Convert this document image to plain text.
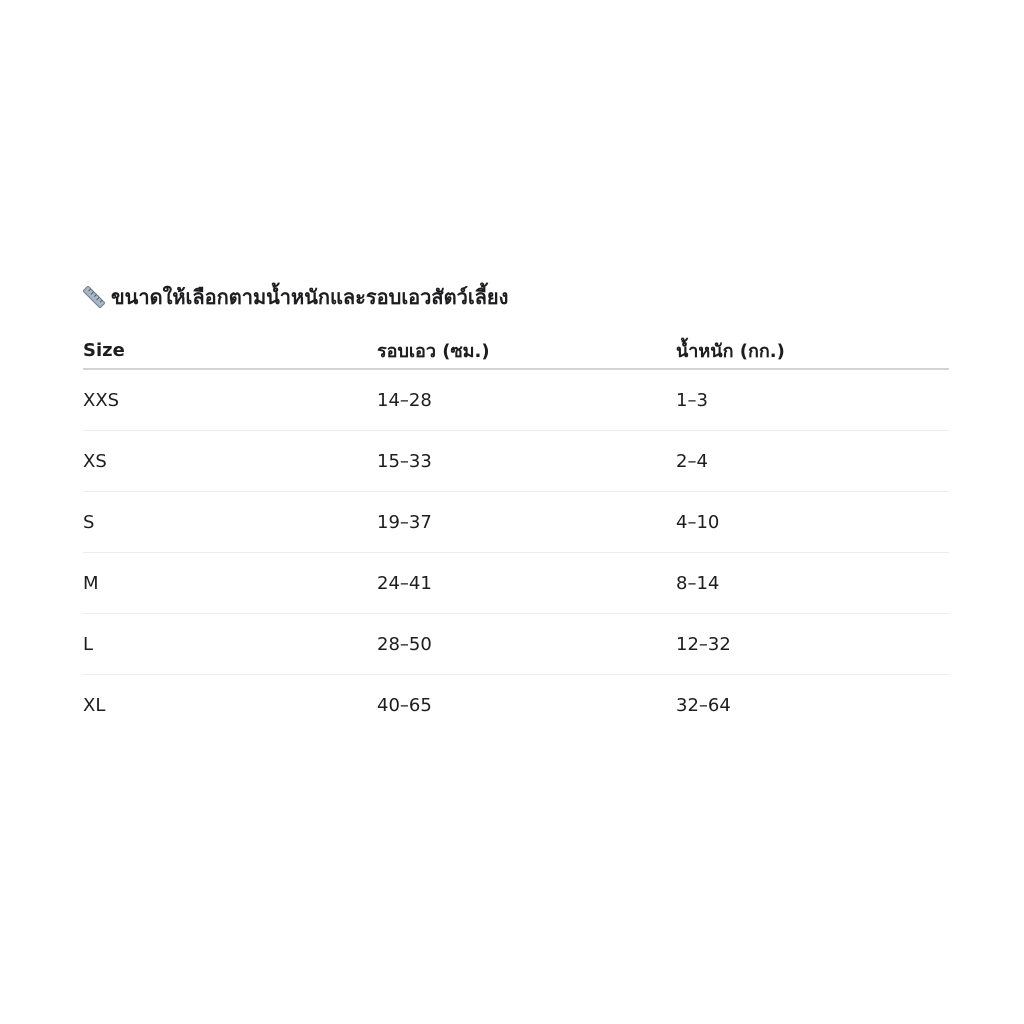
ขนาดให้เลือกตามน้ำหนักและรอบเอวสัตว์เลี้ยง
Size	รอบเอว (ซม.)	น้ำหนัก (กก.)
XXS	14–28	1–3
XS	15–33	2–4
S	19–37	4–10
M	24–41	8–14
L	28–50	12–32
XL	40–65	32–64
